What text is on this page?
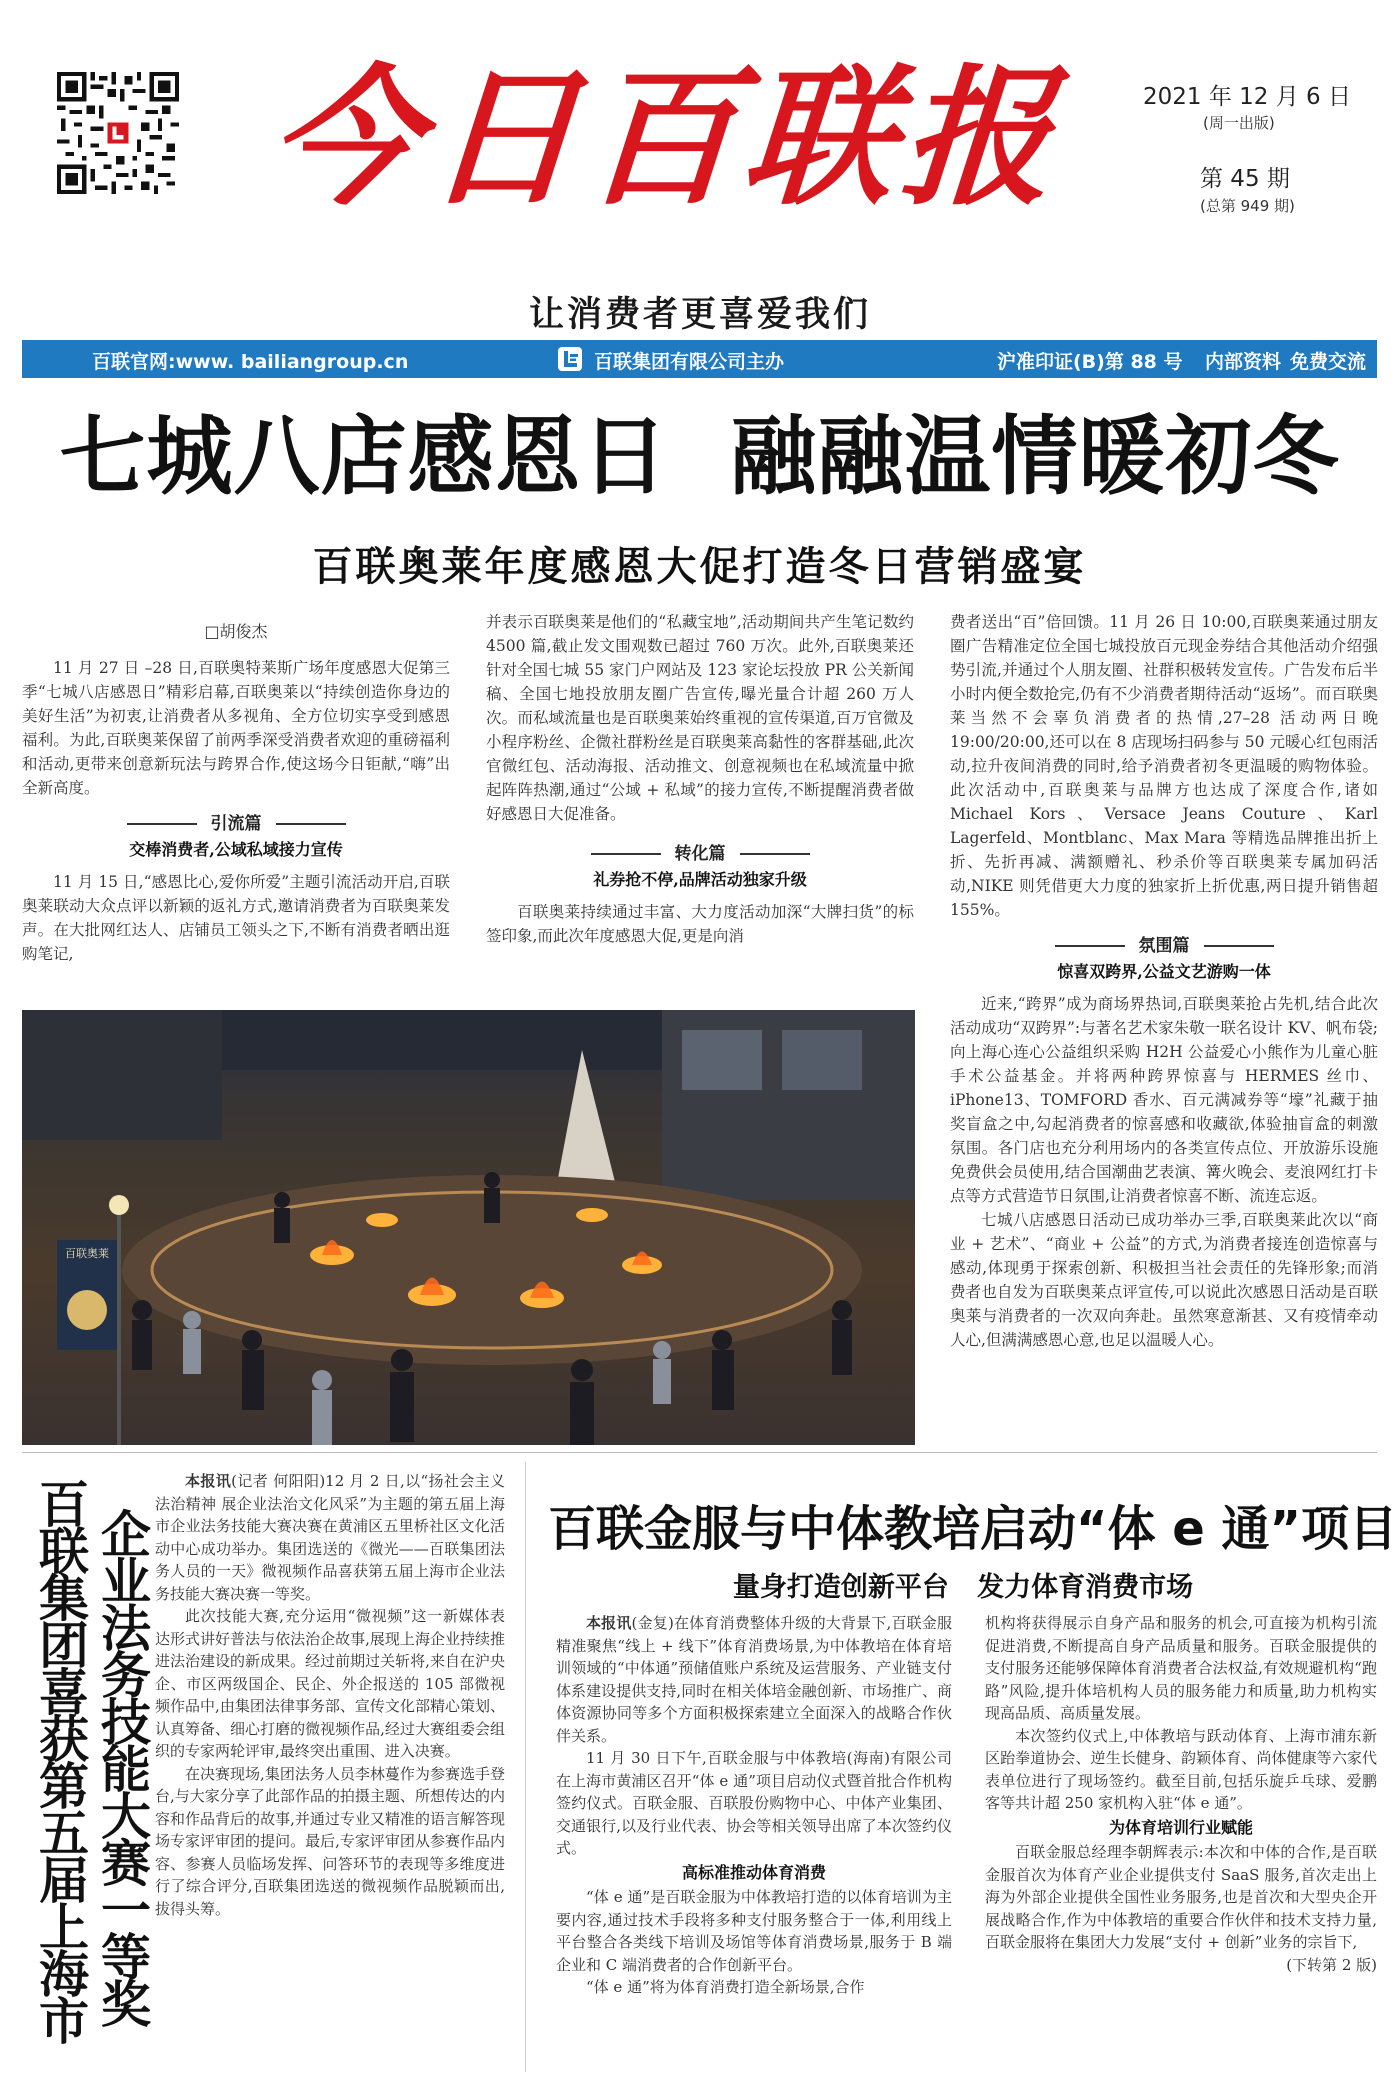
今日百联报	2021 年 12 月 6 日
(周一出版)
第 45 期
(总第 949 期)
让消费者更喜爱我们
百联官网:www. bailiangroup.cn	百联集团有限公司主办	沪准印证(B)第 88 号 内部资料 免费交流
七城八店感恩日  融融温情暖初冬
百联奥莱年度感恩大促打造冬日营销盛宴
□胡俊杰

11 月 27 日 –28 日,百联奥特莱斯广场年度感恩大促第三季“七城八店感恩日”精彩启幕,百联奥莱以“持续创造你身边的美好生活”为初衷,让消费者从多视角、全方位切实享受到感恩福利。为此,百联奥莱保留了前两季深受消费者欢迎的重磅福利和活动,更带来创意新玩法与跨界合作,使这场今日钜献,“嗨”出全新高度。

引流篇
交棒消费者,公域私域接力宣传

11 月 15 日,“感恩比心,爱你所爱”主题引流活动开启,百联奥莱联动大众点评以新颖的返礼方式,邀请消费者为百联奥莱发声。在大批网红达人、店铺员工领头之下,不断有消费者晒出逛购笔记,

并表示百联奥莱是他们的“私藏宝地”,活动期间共产生笔记数约 4500 篇,截止发文围观数已超过 760 万次。此外,百联奥莱还针对全国七城 55 家门户网站及 123 家论坛投放 PR 公关新闻稿、全国七地投放朋友圈广告宣传,曝光量合计超 260 万人次。而私域流量也是百联奥莱始终重视的宣传渠道,百万官微及小程序粉丝、企微社群粉丝是百联奥莱高黏性的客群基础,此次官微红包、活动海报、活动推文、创意视频也在私域流量中掀起阵阵热潮,通过“公域 + 私域”的接力宣传,不断提醒消费者做好感恩日大促准备。

转化篇
礼券抢不停,品牌活动独家升级

百联奥莱持续通过丰富、大力度活动加深“大牌扫货”的标签印象,而此次年度感恩大促,更是向消

费者送出“百”倍回馈。11 月 26 日 10:00,百联奥莱通过朋友圈广告精准定位全国七城投放百元现金券结合其他活动介绍强势引流,并通过个人朋友圈、社群积极转发宣传。广告发布后半小时内便全数抢完,仍有不少消费者期待活动“返场”。而百联奥莱当然不会辜负消费者的热情,27–28 活动两日晚 19:00/20:00,还可以在 8 店现场扫码参与 50 元暖心红包雨活动,拉升夜间消费的同时,给予消费者初冬更温暖的购物体验。此次活动中,百联奥莱与品牌方也达成了深度合作,诸如 Michael Kors、Versace Jeans Couture、Karl Lagerfeld、Montblanc、Max Mara 等精选品牌推出折上折、先折再减、满额赠礼、秒杀价等百联奥莱专属加码活动,NIKE 则凭借更大力度的独家折上折优惠,两日提升销售超 155%。

氛围篇
惊喜双跨界,公益文艺游购一体

近来,“跨界”成为商场界热词,百联奥莱抢占先机,结合此次活动成功“双跨界”:与著名艺术家朱敬一联名设计 KV、帆布袋;向上海心连心公益组织采购 H2H 公益爱心小熊作为儿童心脏手术公益基金。并将两种跨界惊喜与 HERMES 丝巾、iPhone13、TOMFORD 香水、百元满减券等“壕”礼藏于抽奖盲盒之中,勾起消费者的惊喜感和收藏欲,体验抽盲盒的刺激氛围。各门店也充分利用场内的各类宣传点位、开放游乐设施免费供会员使用,结合国潮曲艺表演、篝火晚会、麦浪网红打卡点等方式营造节日氛围,让消费者惊喜不断、流连忘返。

七城八店感恩日活动已成功举办三季,百联奥莱此次以“商业 + 艺术”、“商业 + 公益”的方式,为消费者接连创造惊喜与感动,体现勇于探索创新、积极担当社会责任的先锋形象;而消费者也自发为百联奥莱点评宣传,可以说此次感恩日活动是百联奥莱与消费者的一次双向奔赴。虽然寒意渐甚、又有疫情牵动人心,但满满感恩心意,也足以温暖人心。

百联奥莱
百联集团喜获第五届上海市 企业法务技能大赛一等奖

本报讯(记者 何阳阳)12 月 2 日,以“扬社会主义法治精神 展企业法治文化风采”为主题的第五届上海市企业法务技能大赛决赛在黄浦区五里桥社区文化活动中心成功举办。集团选送的《微光——百联集团法务人员的一天》微视频作品喜获第五届上海市企业法务技能大赛决赛一等奖。

此次技能大赛,充分运用“微视频”这一新媒体表达形式讲好普法与依法治企故事,展现上海企业持续推进法治建设的新成果。经过前期过关斩将,来自在沪央企、市区两级国企、民企、外企报送的 105 部微视频作品中,由集团法律事务部、宣传文化部精心策划、认真筹备、细心打磨的微视频作品,经过大赛组委会组织的专家两轮评审,最终突出重围、进入决赛。

在决赛现场,集团法务人员李林蔓作为参赛选手登台,与大家分享了此部作品的拍摄主题、所想传达的内容和作品背后的故事,并通过专业又精准的语言解答现场专家评审团的提问。最后,专家评审团从参赛作品内容、参赛人员临场发挥、问答环节的表现等多维度进行了综合评分,百联集团选送的微视频作品脱颖而出,拔得头筹。

百联金服与中体教培启动“体 e 通”项目
量身打造创新平台   发力体育消费市场

本报讯(金复)在体育消费整体升级的大背景下,百联金服精准聚焦“线上 + 线下”体育消费场景,为中体教培在体育培训领域的“中体通”预储值账户系统及运营服务、产业链支付体系建设提供支持,同时在相关体培金融创新、市场推广、商体资源协同等多个方面积极探索建立全面深入的战略合作伙伴关系。

11 月 30 日下午,百联金服与中体教培(海南)有限公司在上海市黄浦区召开“体 e 通”项目启动仪式暨首批合作机构签约仪式。百联金服、百联股份购物中心、中体产业集团、交通银行,以及行业代表、协会等相关领导出席了本次签约仪式。

高标准推动体育消费

“体 e 通”是百联金服为中体教培打造的以体育培训为主要内容,通过技术手段将多种支付服务整合于一体,利用线上平台整合各类线下培训及场馆等体育消费场景,服务于 B 端企业和 C 端消费者的合作创新平台。

“体 e 通”将为体育消费打造全新场景,合作

机构将获得展示自身产品和服务的机会,可直接为机构引流促进消费,不断提高自身产品质量和服务。百联金服提供的支付服务还能够保障体育消费者合法权益,有效规避机构“跑路”风险,提升体培机构人员的服务能力和质量,助力机构实现高品质、高质量发展。

本次签约仪式上,中体教培与跃动体育、上海市浦东新区跆拳道协会、逆生长健身、韵颖体育、尚体健康等六家代表单位进行了现场签约。截至目前,包括乐旋乒乓球、爱鹏客等共计超 250 家机构入驻“体 e 通”。

为体育培训行业赋能

百联金服总经理李朝辉表示:本次和中体的合作,是百联金服首次为体育产业企业提供支付 SaaS 服务,首次走出上海为外部企业提供全国性业务服务,也是首次和大型央企开展战略合作,作为中体教培的重要合作伙伴和技术支持力量,百联金服将在集团大力发展“支付 + 创新”业务的宗旨下,

(下转第 2 版)
